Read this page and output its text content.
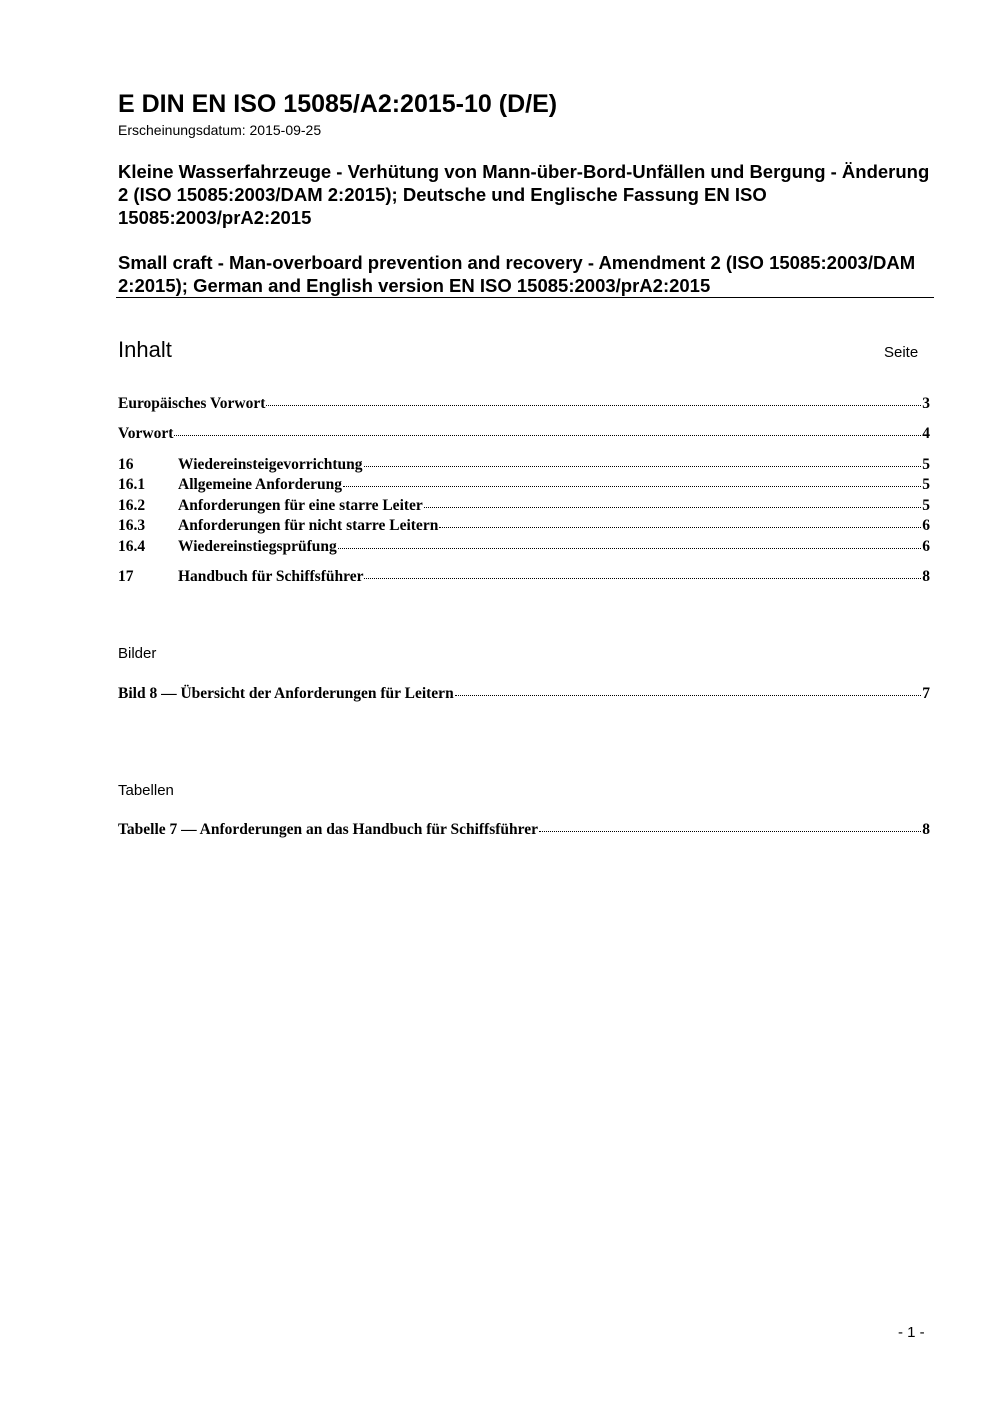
E DIN EN ISO 15085/A2:2015-10 (D/E)
Erscheinungsdatum: 2015-09-25
Kleine Wasserfahrzeuge - Verhütung von Mann-über-Bord-Unfällen und Bergung - Änderung 2 (ISO 15085:2003/DAM 2:2015); Deutsche und Englische Fassung EN ISO 15085:2003/prA2:2015
Small craft - Man-overboard prevention and recovery - Amendment 2 (ISO 15085:2003/DAM 2:2015); German and English version EN ISO 15085:2003/prA2:2015
Inhalt	Seite
Europäisches Vorwort	3
Vorwort	4
16	Wiedereinsteigevorrichtung	5
16.1	Allgemeine Anforderung	5
16.2	Anforderungen für eine starre Leiter	5
16.3	Anforderungen für nicht starre Leitern	6
16.4	Wiedereinstiegsprüfung	6
17	Handbuch für Schiffsführer	8
Bilder
Bild 8 — Übersicht der Anforderungen für Leitern	7
Tabellen
Tabelle 7 — Anforderungen an das Handbuch für Schiffsführer	8
- 1 -
